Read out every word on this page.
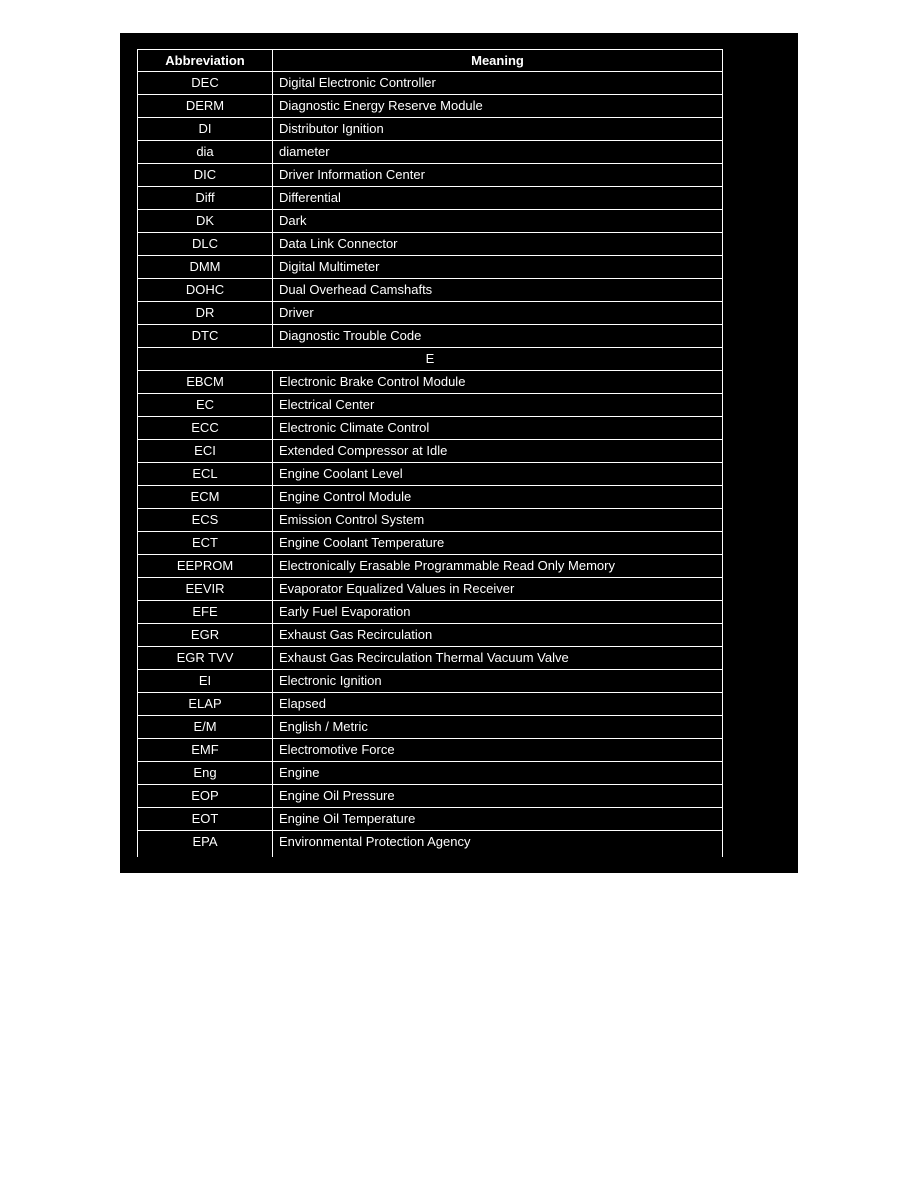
Abbreviation	Meaning
DEC	Digital Electronic Controller
DERM	Diagnostic Energy Reserve Module
DI	Distributor Ignition
dia	diameter
DIC	Driver Information Center
Diff	Differential
DK	Dark
DLC	Data Link Connector
DMM	Digital Multimeter
DOHC	Dual Overhead Camshafts
DR	Driver
DTC	Diagnostic Trouble Code
E	
EBCM	Electronic Brake Control Module
EC	Electrical Center
ECC	Electronic Climate Control
ECI	Extended Compressor at Idle
ECL	Engine Coolant Level
ECM	Engine Control Module
ECS	Emission Control System
ECT	Engine Coolant Temperature
EEPROM	Electronically Erasable Programmable Read Only Memory
EEVIR	Evaporator Equalized Values in Receiver
EFE	Early Fuel Evaporation
EGR	Exhaust Gas Recirculation
EGR TVV	Exhaust Gas Recirculation Thermal Vacuum Valve
EI	Electronic Ignition
ELAP	Elapsed
E/M	English / Metric
EMF	Electromotive Force
Eng	Engine
EOP	Engine Oil Pressure
EOT	Engine Oil Temperature
EPA	Environmental Protection Agency
